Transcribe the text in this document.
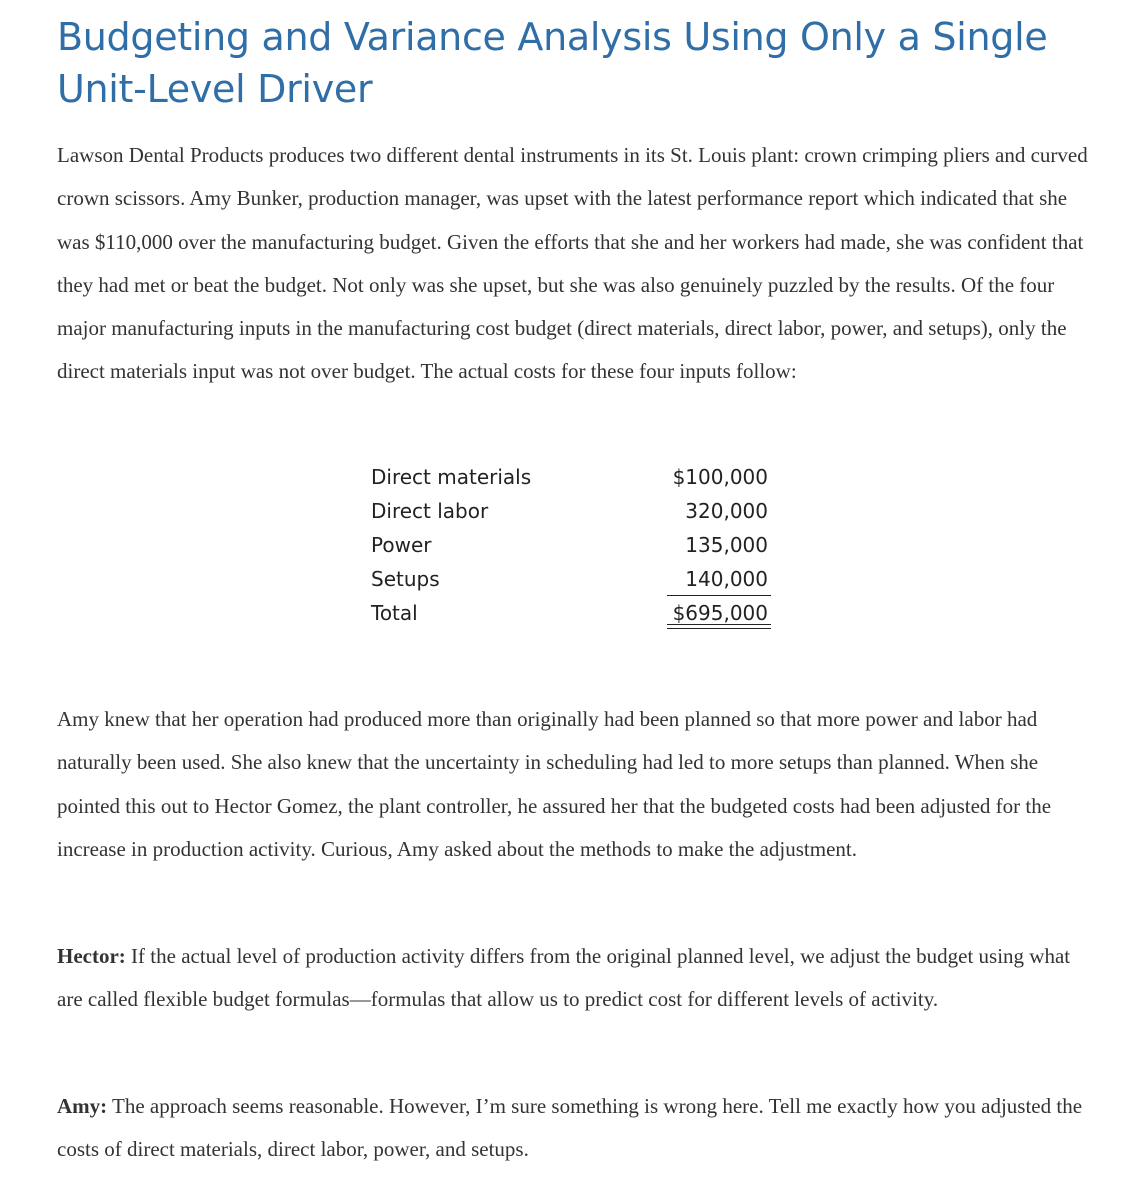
Budgeting and Variance Analysis Using Only a Single Unit-Level Driver

Lawson Dental Products produces two different dental instruments in its St. Louis plant: crown crimping pliers and curved crown scissors. Amy Bunker, production manager, was upset with the latest performance report which indicated that she was $110,000 over the manufacturing budget. Given the efforts that she and her workers had made, she was confident that they had met or beat the budget. Not only was she upset, but she was also genuinely puzzled by the results. Of the four major manufacturing inputs in the manufacturing cost budget (direct materials, direct labor, power, and setups), only the direct materials input was not over budget. The actual costs for these four inputs follow:

Direct materials	$100,000
Direct labor	320,000
Power	135,000
Setups	140,000
Total	$695,000

Amy knew that her operation had produced more than originally had been planned so that more power and labor had naturally been used. She also knew that the uncertainty in scheduling had led to more setups than planned. When she pointed this out to Hector Gomez, the plant controller, he assured her that the budgeted costs had been adjusted for the increase in production activity. Curious, Amy asked about the methods to make the adjustment.

Hector: If the actual level of production activity differs from the original planned level, we adjust the budget using what are called flexible budget formulas—formulas that allow us to predict cost for different levels of activity.

Amy: The approach seems reasonable. However, I’m sure something is wrong here. Tell me exactly how you adjusted the costs of direct materials, direct labor, power, and setups.
